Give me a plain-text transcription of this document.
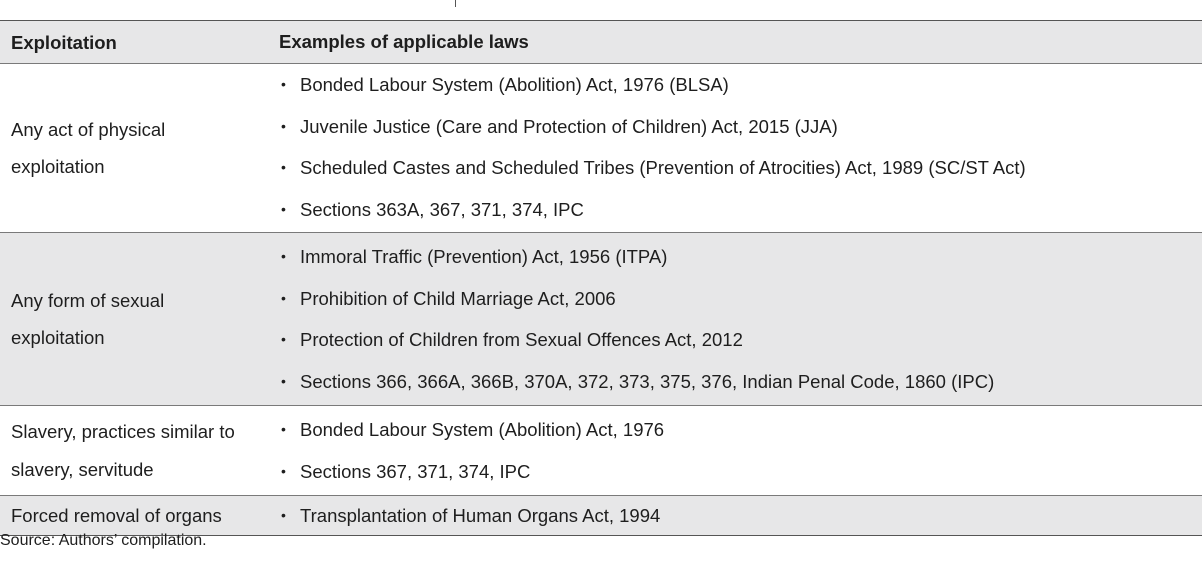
Exploitation	Examples of applicable laws
Any act of physical exploitation
• Bonded Labour System (Abolition) Act, 1976 (BLSA)
• Juvenile Justice (Care and Protection of Children) Act, 2015 (JJA)
• Scheduled Castes and Scheduled Tribes (Prevention of Atrocities) Act, 1989 (SC/ST Act)
• Sections 363A, 367, 371, 374, IPC
Any form of sexual exploitation
• Immoral Traffic (Prevention) Act, 1956 (ITPA)
• Prohibition of Child Marriage Act, 2006
• Protection of Children from Sexual Offences Act, 2012
• Sections 366, 366A, 366B, 370A, 372, 373, 375, 376, Indian Penal Code, 1860 (IPC)
Slavery, practices similar to slavery, servitude
• Bonded Labour System (Abolition) Act, 1976
• Sections 367, 371, 374, IPC
Forced removal of organs	• Transplantation of Human Organs Act, 1994
Source: Authors’ compilation.
